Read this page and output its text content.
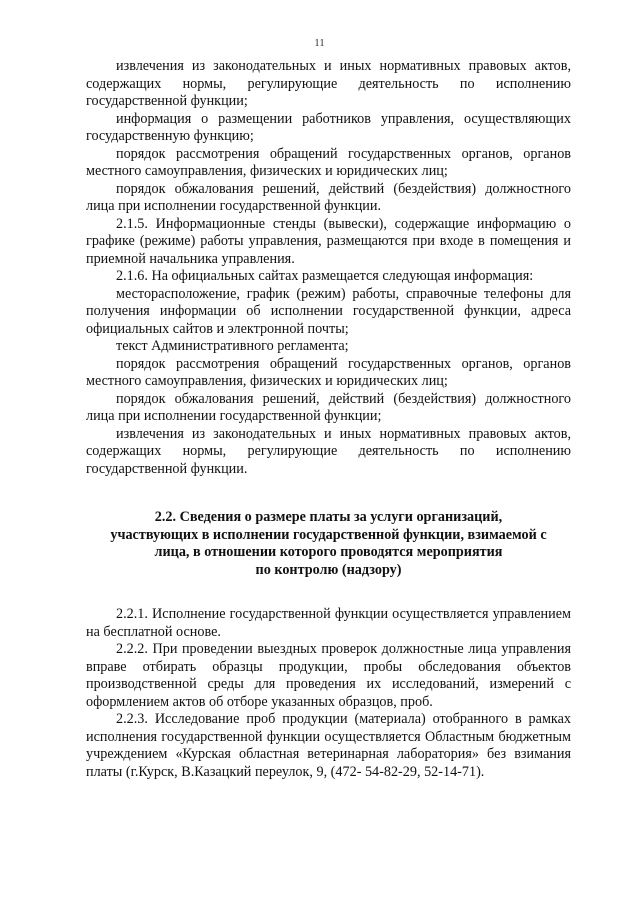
11

извлечения из законодательных и иных нормативных правовых актов, содержащих нормы, регулирующие деятельность по исполнению государственной функции;

информация о размещении работников управления, осуществляющих государственную функцию;

порядок рассмотрения обращений государственных органов, органов местного самоуправления, физических и юридических лиц;

порядок обжалования решений, действий (бездействия) должностного лица при исполнении государственной функции.

2.1.5. Информационные стенды (вывески), содержащие информацию о графике (режиме) работы управления, размещаются при входе в помещения и приемной начальника управления.

2.1.6. На официальных сайтах размещается следующая информация:

месторасположение, график (режим) работы, справочные телефоны для получения информации об исполнении государственной функции, адреса официальных сайтов и электронной почты;

текст Административного регламента;

порядок рассмотрения обращений государственных органов, органов местного самоуправления, физических и юридических лиц;

порядок обжалования решений, действий (бездействия) должностного лица при исполнении государственной функции;

извлечения из законодательных и иных нормативных правовых актов, содержащих нормы, регулирующие деятельность по исполнению государственной функции.

2.2. Сведения о размере платы за услуги организаций,
участвующих в исполнении государственной функции, взимаемой с
лица, в отношении которого проводятся мероприятия
по контролю (надзору)

2.2.1. Исполнение государственной функции осуществляется управлением на бесплатной основе.

2.2.2. При проведении выездных проверок должностные лица управления вправе отбирать образцы продукции, пробы обследования объектов производственной среды для проведения их исследований, измерений с оформлением актов об отборе указанных образцов, проб.

2.2.3. Исследование проб продукции (материала) отобранного в рамках исполнения государственной функции осуществляется Областным бюджетным учреждением «Курская областная ветеринарная лаборатория» без взимания платы (г.Курск, В.Казацкий переулок, 9, (472- 54-82-29, 52-14-71).
